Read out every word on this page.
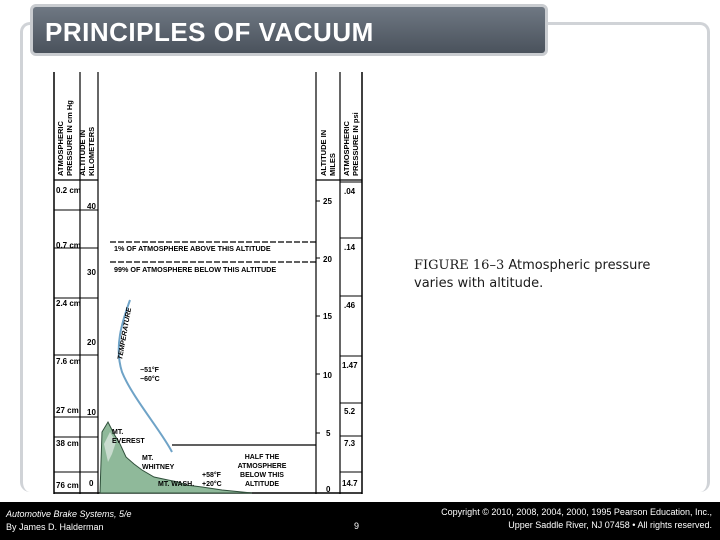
PRINCIPLES OF VACUUM
ATMOSPHERIC PRESSURE IN cm Hg ALTITUDE IN KILOMETERS	ALTITUDE IN MILES ATMOSPHERIC PRESSURE IN psi
0.2 cm
0.7 cm
2.4 cm
7.6 cm
27 cm
38 cm
76 cm
40
30
20
10
0
25
20
15
10
5
0
.04
.14
.46
1.47
5.2
7.3
14.7
1% OF ATMOSPHERE ABOVE THIS ALTITUDE
99% OF ATMOSPHERE BELOW THIS ALTITUDE
TEMPERATURE
−51°F
−60°C
MT.
EVEREST
MT.
WHITNEY
MT. WASH.
+58°F
+20°C
HALF THE
ATMOSPHERE
BELOW THIS
ALTITUDE
FIGURE 16–3 Atmospheric pressure varies with altitude.
Automotive Brake Systems, 5/e
By James D. Halderman	9
Copyright © 2010, 2008, 2004, 2000, 1995 Pearson Education, Inc.,
Upper Saddle River, NJ 07458 • All rights reserved.
